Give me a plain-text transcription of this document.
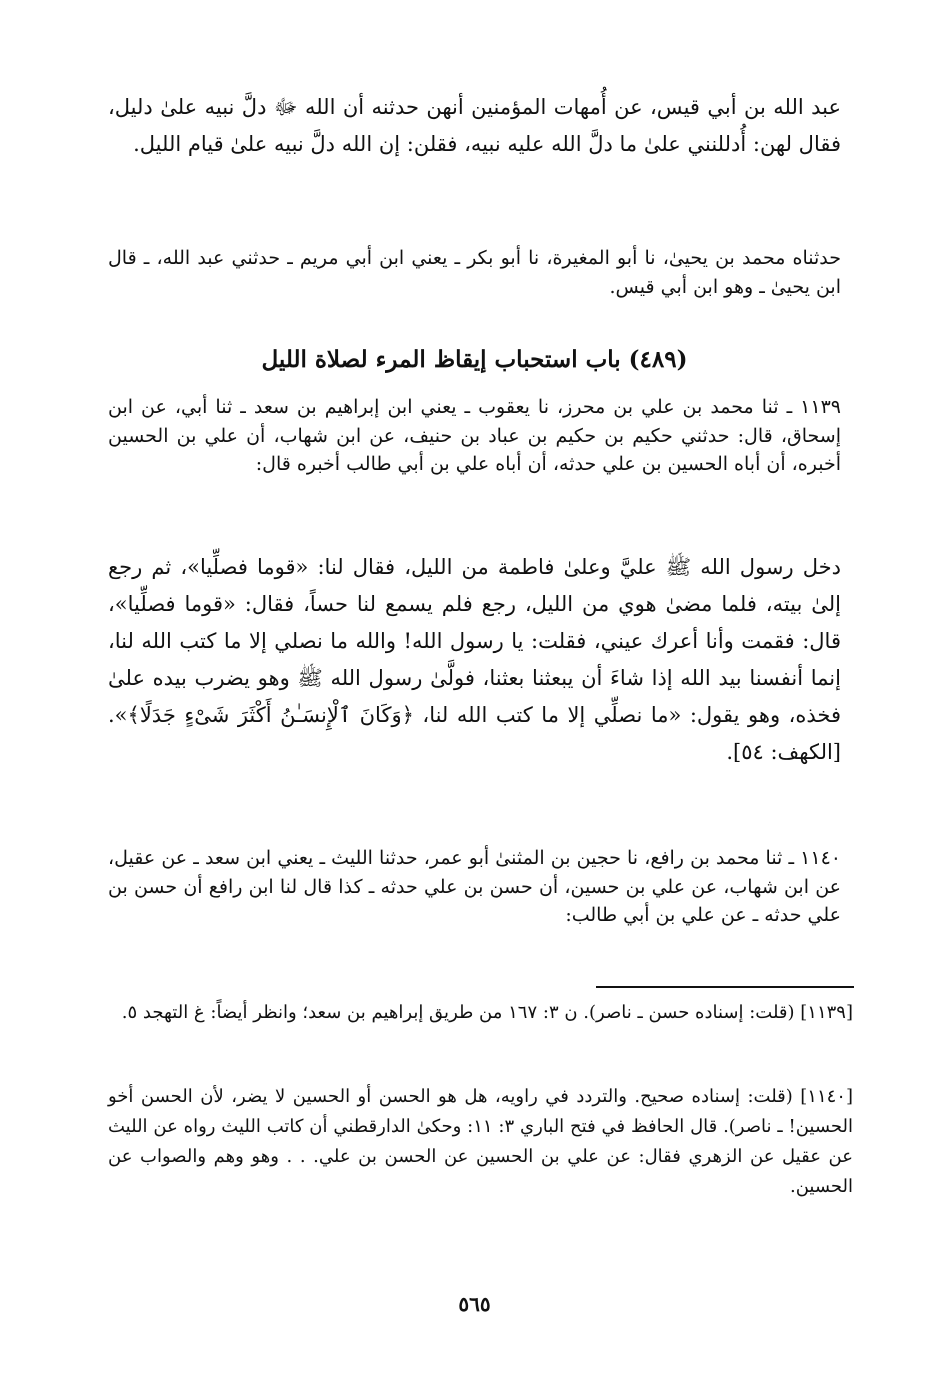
عبد الله بن أبي قيس، عن أُمهات المؤمنين أنهن حدثنه أن الله ﷻ دلَّ نبيه علىٰ دليل، فقال لهن: أُدللنني علىٰ ما دلَّ الله عليه نبيه، فقلن: إن الله دلَّ نبيه علىٰ قيام الليل.
حدثناه محمد بن يحيىٰ، نا أبو المغيرة، نا أبو بكر ـ يعني ابن أبي مريم ـ حدثني عبد الله، ـ قال ابن يحيىٰ ـ وهو ابن أبي قيس.
(٤٨٩) باب استحباب إيقاظ المرء لصلاة الليل
١١٣٩ ـ ثنا محمد بن علي بن محرز، نا يعقوب ـ يعني ابن إبراهيم بن سعد ـ ثنا أبي، عن ابن إسحاق، قال: حدثني حكيم بن حكيم بن عباد بن حنيف، عن ابن شهاب، أن علي بن الحسين أخبره، أن أباه الحسين بن علي حدثه، أن أباه علي بن أبي طالب أخبره قال:
دخل رسول الله ﷺ عليَّ وعلىٰ فاطمة من الليل، فقال لنا: «قوما فصلِّيا»، ثم رجع إلىٰ بيته، فلما مضىٰ هوي من الليل، رجع فلم يسمع لنا حساً، فقال: «قوما فصلِّيا»، قال: فقمت وأنا أعرك عيني، فقلت: يا رسول الله! والله ما نصلي إلا ما كتب الله لنا، إنما أنفسنا بيد الله إذا شاءَ أن يبعثنا بعثنا، فولَّىٰ رسول الله ﷺ وهو يضرب بيده علىٰ فخذه، وهو يقول: «ما نصلِّي إلا ما كتب الله لنا، ﴿وَكَانَ ٱلْإِنسَـٰنُ أَكْثَرَ شَىْءٍ جَدَلًا﴾». [الكهف: ٥٤].
١١٤٠ ـ ثنا محمد بن رافع، نا حجين بن المثنىٰ أبو عمر، حدثنا الليث ـ يعني ابن سعد ـ عن عقيل، عن ابن شهاب، عن علي بن حسين، أن حسن بن علي حدثه ـ كذا قال لنا ابن رافع أن حسن بن علي حدثه ـ عن علي بن أبي طالب:
[١١٣٩] (قلت: إسناده حسن ـ ناصر). ن ٣: ١٦٧ من طريق إبراهيم بن سعد؛ وانظر أيضاً: غ التهجد ٥.
[١١٤٠] (قلت: إسناده صحيح. والتردد في راويه، هل هو الحسن أو الحسين لا يضر، لأن الحسن أخو الحسين! ـ ناصر). قال الحافظ في فتح الباري ٣: ١١: وحكىٰ الدارقطني أن كاتب الليث رواه عن الليث عن عقيل عن الزهري فقال: عن علي بن الحسين عن الحسن بن علي. . . وهو وهم والصواب عن الحسين.
٥٦٥
